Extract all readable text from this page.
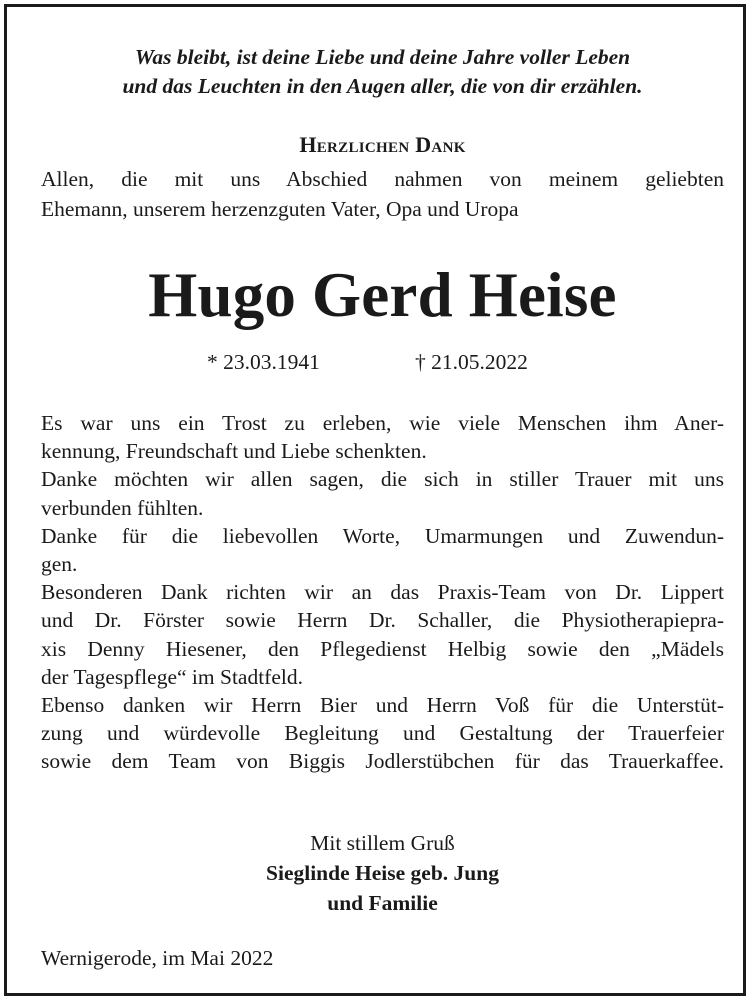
Was bleibt, ist deine Liebe und deine Jahre voller Leben
und das Leuchten in den Augen aller, die von dir erzählen.
Herzlichen Dank
Allen, die mit uns Abschied nahmen von meinem geliebten
Ehemann, unserem herzenzguten Vater, Opa und Uropa
Hugo Gerd Heise
* 23.03.1941	† 21.05.2022
Es war uns ein Trost zu erleben, wie viele Menschen ihm Aner-
kennung, Freundschaft und Liebe schenkten.
Danke möchten wir allen sagen, die sich in stiller Trauer mit uns
verbunden fühlten.
Danke für die liebevollen Worte, Umarmungen und Zuwendun-
gen.
Besonderen Dank richten wir an das Praxis-Team von Dr. Lippert
und Dr. Förster sowie Herrn Dr. Schaller, die Physiotherapiepra-
xis Denny Hiesener, den Pflegedienst Helbig sowie den „Mädels
der Tagespflege“ im Stadtfeld.
Ebenso danken wir Herrn Bier und Herrn Voß für die Unterstüt-
zung und würdevolle Begleitung und Gestaltung der Trauerfeier
sowie dem Team von Biggis Jodlerstübchen für das Trauerkaffee.
Mit stillem Gruß
Sieglinde Heise geb. Jung
und Familie
Wernigerode, im Mai 2022
